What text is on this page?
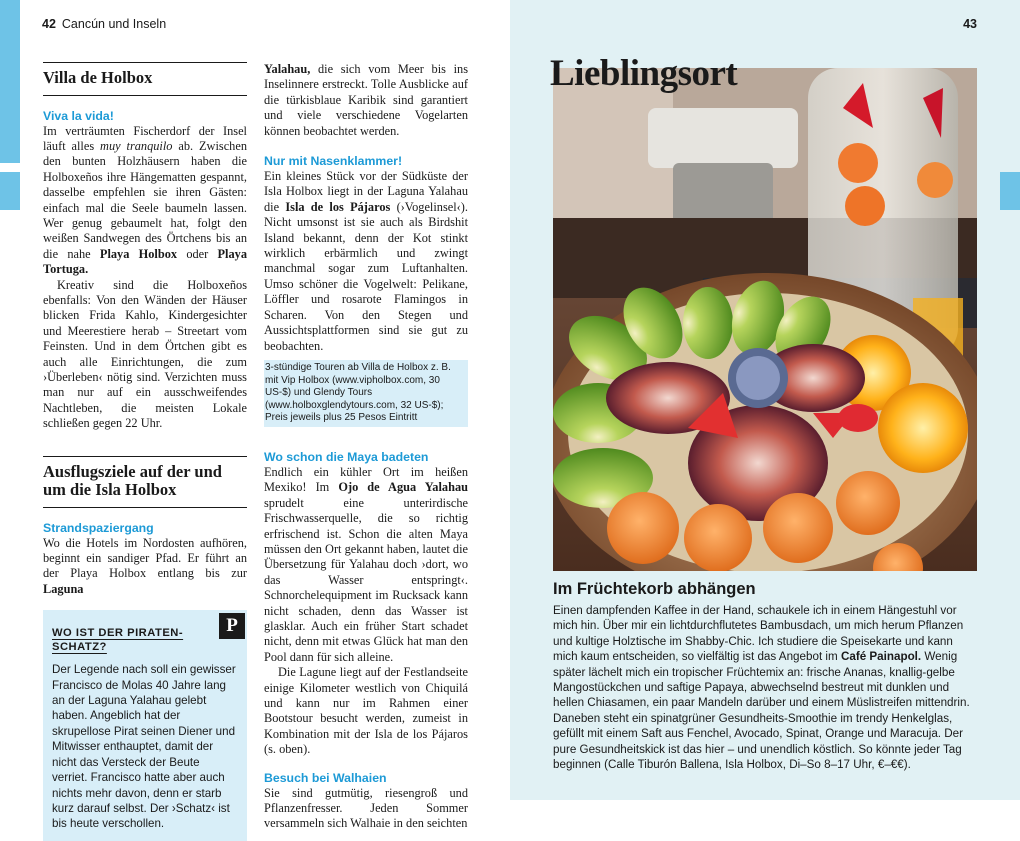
42 Cancún und Inseln
Villa de Holbox
Viva la vida!

Im verträumten Fischerdorf der Insel läuft alles muy tranquilo ab. Zwischen den bunten Holzhäusern haben die Holboxeños ihre Hängematten gespannt, dasselbe empfehlen sie ihren Gästen: einfach mal die Seele baumeln lassen. Wer genug gebaumelt hat, folgt den weißen Sandwegen des Örtchens bis an die nahe Playa Holbox oder Playa Tortuga.

Kreativ sind die Holboxeños ebenfalls: Von den Wänden der Häuser blicken Frida Kahlo, Kindergesichter und Meerestiere herab – Streetart vom Feinsten. Und in dem Örtchen gibt es auch alle Einrichtungen, die zum ›Überleben‹ nötig sind. Verzichten muss man nur auf ein ausschweifendes Nachtleben, die meisten Lokale schließen gegen 22 Uhr.

Ausflugsziele auf der und um die Isla Holbox
Strandspaziergang

Wo die Hotels im Nordosten aufhören, beginnt ein sandiger Pfad. Er führt an der Playa Holbox entlang bis zur Laguna

P
WO IST DER PIRATEN-SCHATZ?
Der Legende nach soll ein gewisser Francisco de Molas 40 Jahre lang an der Laguna Yalahau gelebt haben. Angeblich hat der skrupellose Pirat seinen Diener und Mitwisser enthauptet, damit der nicht das Versteck der Beute verriet. Francisco hatte aber auch nichts mehr davon, denn er starb kurz darauf selbst. Der ›Schatz‹ ist bis heute verschollen.

Yalahau, die sich vom Meer bis ins Inselinnere erstreckt. Tolle Ausblicke auf die türkisblaue Karibik sind garantiert und viele verschiedene Vogelarten können beobachtet werden.

Nur mit Nasenklammer!

Ein kleines Stück vor der Südküste der Isla Holbox liegt in der Laguna Yalahau die Isla de los Pájaros (›Vogelinsel‹). Nicht umsonst ist sie auch als Birdshit Island bekannt, denn der Kot stinkt wirklich erbärmlich und zwingt manchmal sogar zum Luftanhalten. Umso schöner die Vogelwelt: Pelikane, Löffler und rosarote Flamingos in Scharen. Von den Stegen und Aussichtsplattformen sind sie gut zu beobachten.

3-stündige Touren ab Villa de Holbox z. B. mit Vip Holbox (www.vipholbox.com, 30 US-$) und Glendy Tours (www.holboxglendytours.com, 32 US-$); Preis jeweils plus 25 Pesos Eintritt
Wo schon die Maya badeten

Endlich ein kühler Ort im heißen Mexiko! Im Ojo de Agua Yalahau sprudelt eine unterirdische Frischwasserquelle, die so richtig erfrischend ist. Schon die alten Maya müssen den Ort gekannt haben, lautet die Übersetzung für Yalahau doch ›dort, wo das Wasser entspringt‹. Schnorchelequipment im Rucksack kann nicht schaden, denn das Wasser ist glasklar. Auch ein früher Start schadet nicht, denn mit etwas Glück hat man den Pool dann für sich alleine.

Die Lagune liegt auf der Festlandseite einige Kilometer westlich von Chiquilá und kann nur im Rahmen einer Bootstour besucht werden, zumeist in Kombination mit der Isla de los Pájaros (s. oben).

Besuch bei Walhaien

Sie sind gutmütig, riesengroß und Pflanzenfresser. Jeden Sommer versammeln sich Walhaie in den seichten

43
Lieblingsort
Im Früchtekorb abhängen
Einen dampfenden Kaffee in der Hand, schaukele ich in einem Hängestuhl vor mich hin. Über mir ein lichtdurchflutetes Bambusdach, um mich herum Pflanzen und kultige Holztische im Shabby-Chic. Ich studiere die Speisekarte und kann mich kaum entscheiden, so vielfältig ist das Angebot im Café Painapol. Wenig später lächelt mich ein tropischer Früchtemix an: frische Ananas, knallig-gelbe Mangostückchen und saftige Papaya, abwechselnd bestreut mit dunklen und hellen Chiasamen, ein paar Mandeln darüber und einem Müslistreifen mittendrin. Daneben steht ein spinatgrüner Gesundheits-Smoothie im trendy Henkelglas, gefüllt mit einem Saft aus Fenchel, Avocado, Spinat, Orange und Maracuja. Der pure Gesundheitskick ist das hier – und unendlich köstlich. So könnte jeder Tag beginnen (Calle Tiburón Ballena, Isla Holbox, Di–So 8–17 Uhr, €–€€).
